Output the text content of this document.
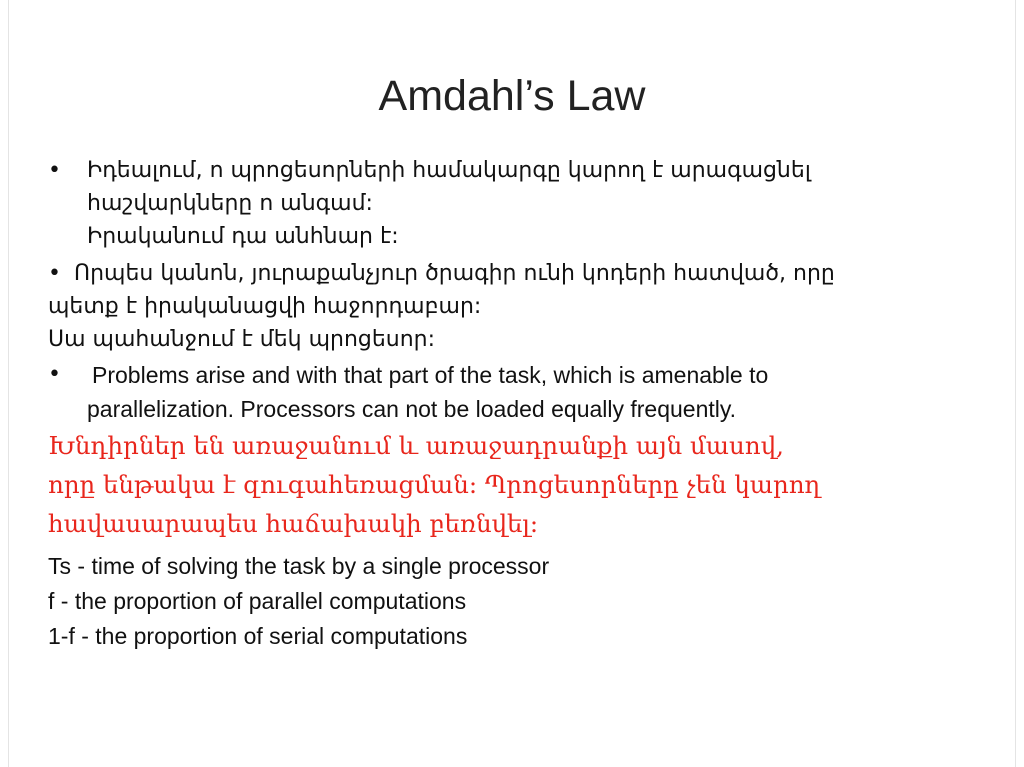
Amdahl’s Law
• Իդեալում, n պրոցեսորների համակարգը կարող է արագացնել
հաշվարկները n անգամ:
Իրականում դա անհնար է:
• Որպես կանոն, յուրաքանչյուր ծրագիր ունի կոդերի հատված, որը
պետք է իրականացվի հաջորդաբար:
Սա պահանջում է մեկ պրոցեսոր:
• Problems arise and with that part of the task, which is amenable to
parallelization. Processors can not be loaded equally frequently.
Խնդիրներ են առաջանում և առաջադրանքի այն մասով,
որը ենթակա է զուգահեռացման: Պրոցեսորները չեն կարող
հավասարապես հաճախակի բեռնվել:
Ts - time of solving the task by a single processor
f - the proportion of parallel computations
1-f - the proportion of serial computations
